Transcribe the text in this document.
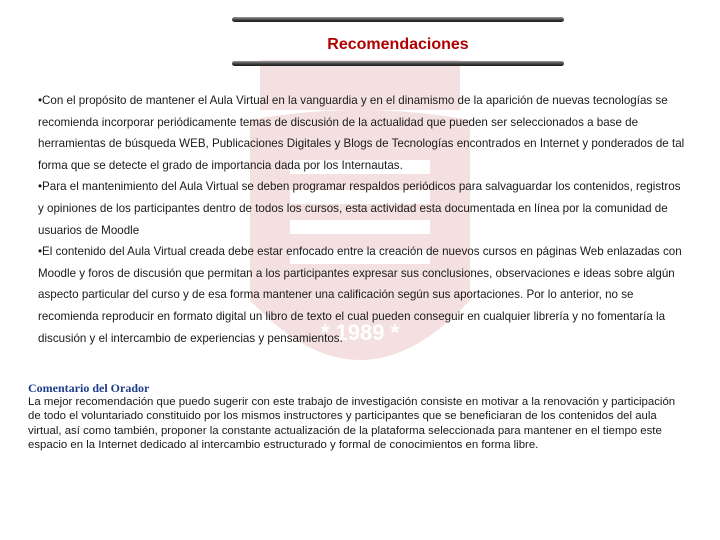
* 1989 *
Recomendaciones
•Con el propósito de mantener el Aula Virtual en la vanguardia y en el dinamismo de la aparición de nuevas tecnologías se recomienda incorporar periódicamente temas de discusión de la actualidad que pueden ser seleccionados a base de herramientas de búsqueda WEB, Publicaciones Digitales y Blogs de Tecnologías encontrados en Internet y ponderados de tal forma que se detecte el grado de importancia dada por los Internautas.
•Para el mantenimiento del Aula Virtual se deben programar respaldos periódicos para salvaguardar los contenidos, registros y opiniones de los participantes dentro de todos los cursos, esta actividad esta documentada en línea por la comunidad de usuarios de Moodle
•El contenido del Aula Virtual creada debe estar enfocado entre la creación de nuevos cursos en páginas Web enlazadas con Moodle y foros de discusión que permitan a los participantes expresar sus conclusiones, observaciones e ideas sobre algún aspecto particular del curso y de esa forma mantener una calificación según sus aportaciones. Por lo anterior, no se recomienda reproducir en formato digital un libro de texto el cual pueden conseguir en cualquier librería y no fomentaría la discusión y el intercambio de experiencias y pensamientos.

Comentario del Orador

La mejor recomendación que puedo sugerir con este trabajo de investigación consiste en motivar a la renovación y participación de todo el voluntariado constituido por los mismos instructores y participantes que se beneficiaran de los contenidos del aula virtual, así como también, proponer la constante actualización de la plataforma seleccionada para mantener en el tiempo este espacio en la Internet dedicado al intercambio estructurado y formal de conocimientos en forma libre.
